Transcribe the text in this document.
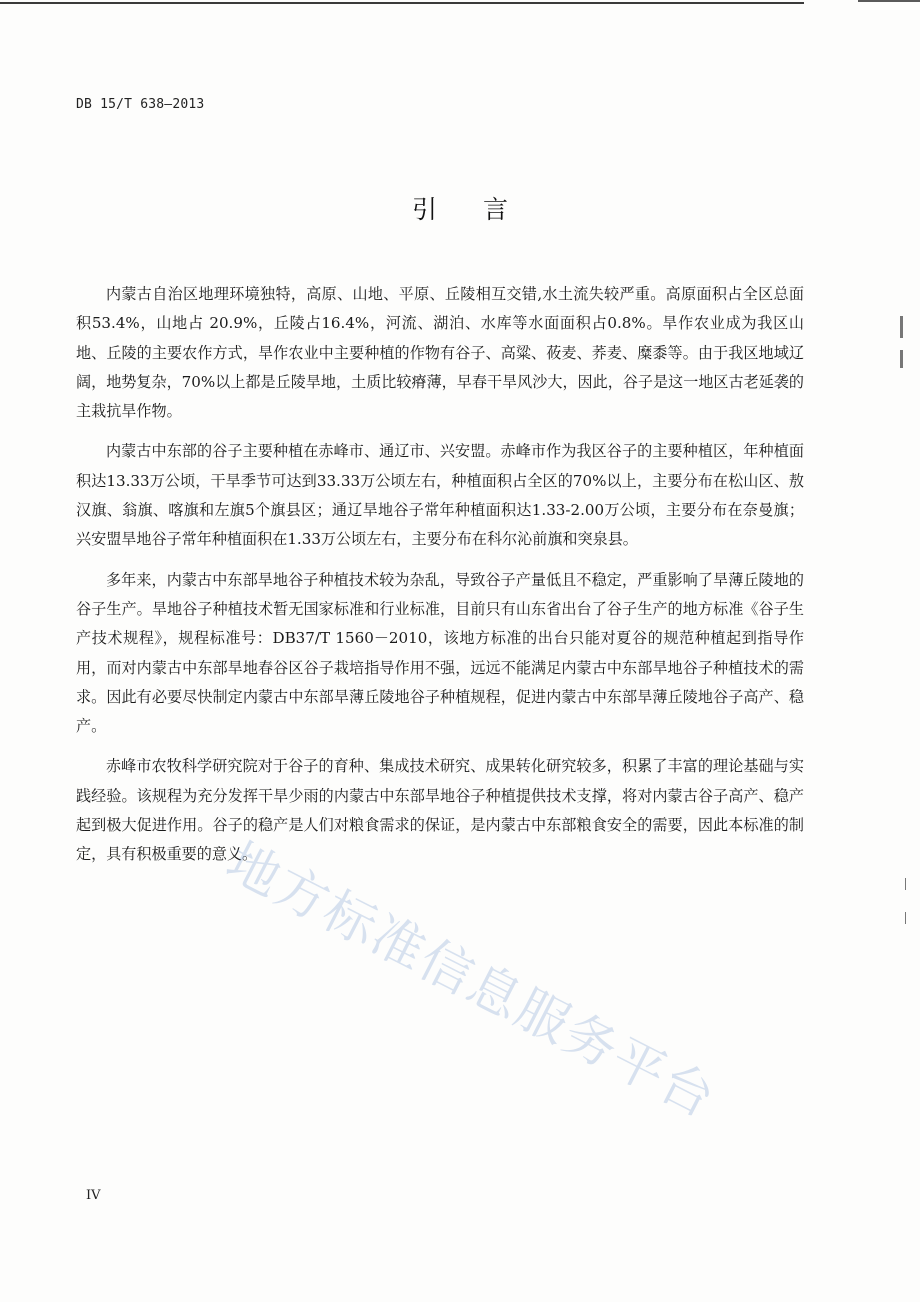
DB 15/T 638—2013
引言

内蒙古自治区地理环境独特，高原、山地、平原、丘陵相互交错,水土流失较严重。高原面积占全区总面积53.4%，山地占 20.9%，丘陵占16.4%，河流、湖泊、水库等水面面积占0.8%。旱作农业成为我区山地、丘陵的主要农作方式，旱作农业中主要种植的作物有谷子、高粱、莜麦、荞麦、糜黍等。由于我区地域辽阔，地势复杂，70%以上都是丘陵旱地，土质比较瘠薄，早春干旱风沙大，因此，谷子是这一地区古老延袭的主栽抗旱作物。

内蒙古中东部的谷子主要种植在赤峰市、通辽市、兴安盟。赤峰市作为我区谷子的主要种植区，年种植面积达13.33万公顷，干旱季节可达到33.33万公顷左右，种植面积占全区的70%以上，主要分布在松山区、敖汉旗、翁旗、喀旗和左旗5个旗县区；通辽旱地谷子常年种植面积达1.33-2.00万公顷，主要分布在奈曼旗；兴安盟旱地谷子常年种植面积在1.33万公顷左右，主要分布在科尔沁前旗和突泉县。

多年来，内蒙古中东部旱地谷子种植技术较为杂乱，导致谷子产量低且不稳定，严重影响了旱薄丘陵地的谷子生产。旱地谷子种植技术暂无国家标准和行业标准，目前只有山东省出台了谷子生产的地方标准《谷子生产技术规程》，规程标准号：DB37/T 1560－2010，该地方标准的出台只能对夏谷的规范种植起到指导作用，而对内蒙古中东部旱地春谷区谷子栽培指导作用不强，远远不能满足内蒙古中东部旱地谷子种植技术的需求。因此有必要尽快制定内蒙古中东部旱薄丘陵地谷子种植规程，促进内蒙古中东部旱薄丘陵地谷子高产、稳产。

赤峰市农牧科学研究院对于谷子的育种、集成技术研究、成果转化研究较多，积累了丰富的理论基础与实践经验。该规程为充分发挥干旱少雨的内蒙古中东部旱地谷子种植提供技术支撑，将对内蒙古谷子高产、稳产起到极大促进作用。谷子的稳产是人们对粮食需求的保证，是内蒙古中东部粮食安全的需要，因此本标准的制定，具有积极重要的意义。

地方标准信息服务平台
IV
